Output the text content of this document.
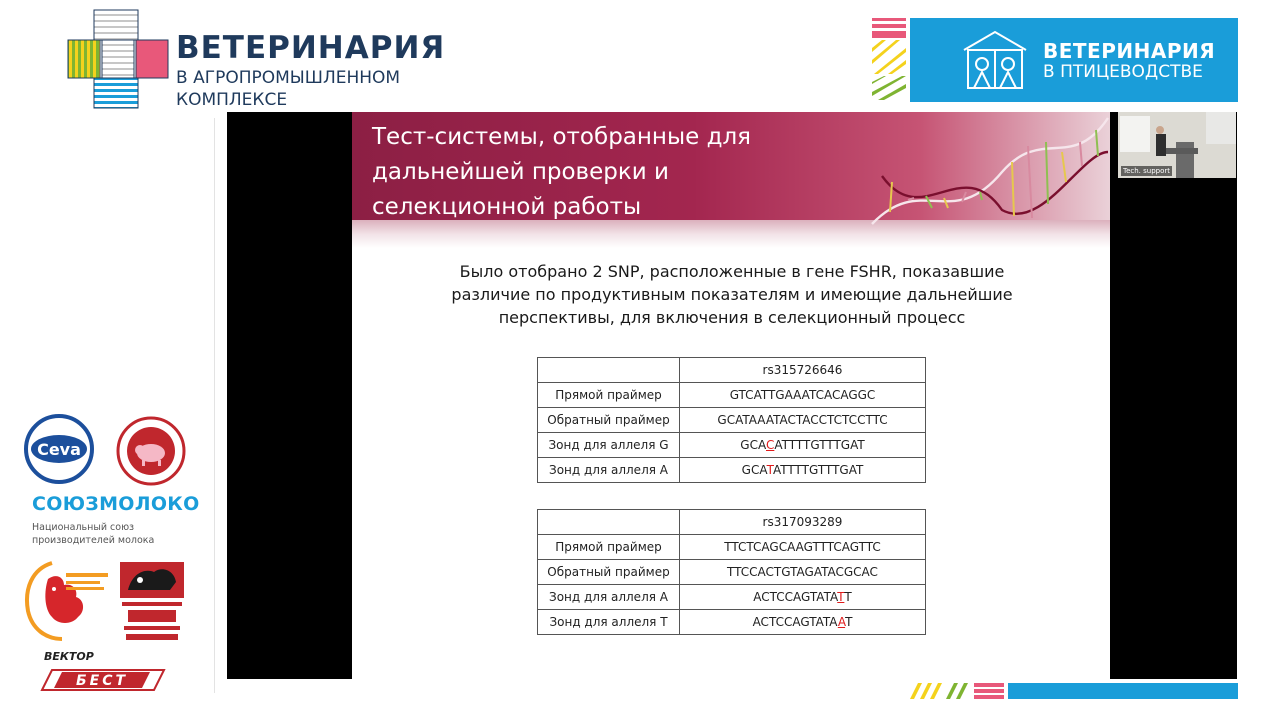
ВЕТЕРИНАРИЯ
В АГРОПРОМЫШЛЕННОМ
КОМПЛЕКСЕ
ВЕТЕРИНАРИЯ
В ПТИЦЕВОДСТВЕ
Ceva
СОЮЗМОЛОКО
Национальный союз
производителей молока
ВЕКТОР
БЕСТ
Тест-системы, отобранные для
дальнейшей проверки и
селекционной работы
Было отобрано 2 SNP, расположенные в гене FSHR, показавшие
различие по продуктивным показателям и имеющие дальнейшие
перспективы, для включения в селекционный процесс
	rs315726646
Прямой праймер	GTCATTGAAATCACAGGC
Обратный праймер	GCATAAATACTACCTCTCCTTC
Зонд для аллеля G	GCACATTTTGTTTGAT
Зонд для аллеля А	GCATATTTTGTTTGAT
	rs317093289
Прямой праймер	TTCTCAGCAAGTTTCAGTTC
Обратный праймер	TTCCACTGTAGATACGCAC
Зонд для аллеля А	ACTCCAGTATATT
Зонд для аллеля T	ACTCCAGTATAAT
Tech. support
